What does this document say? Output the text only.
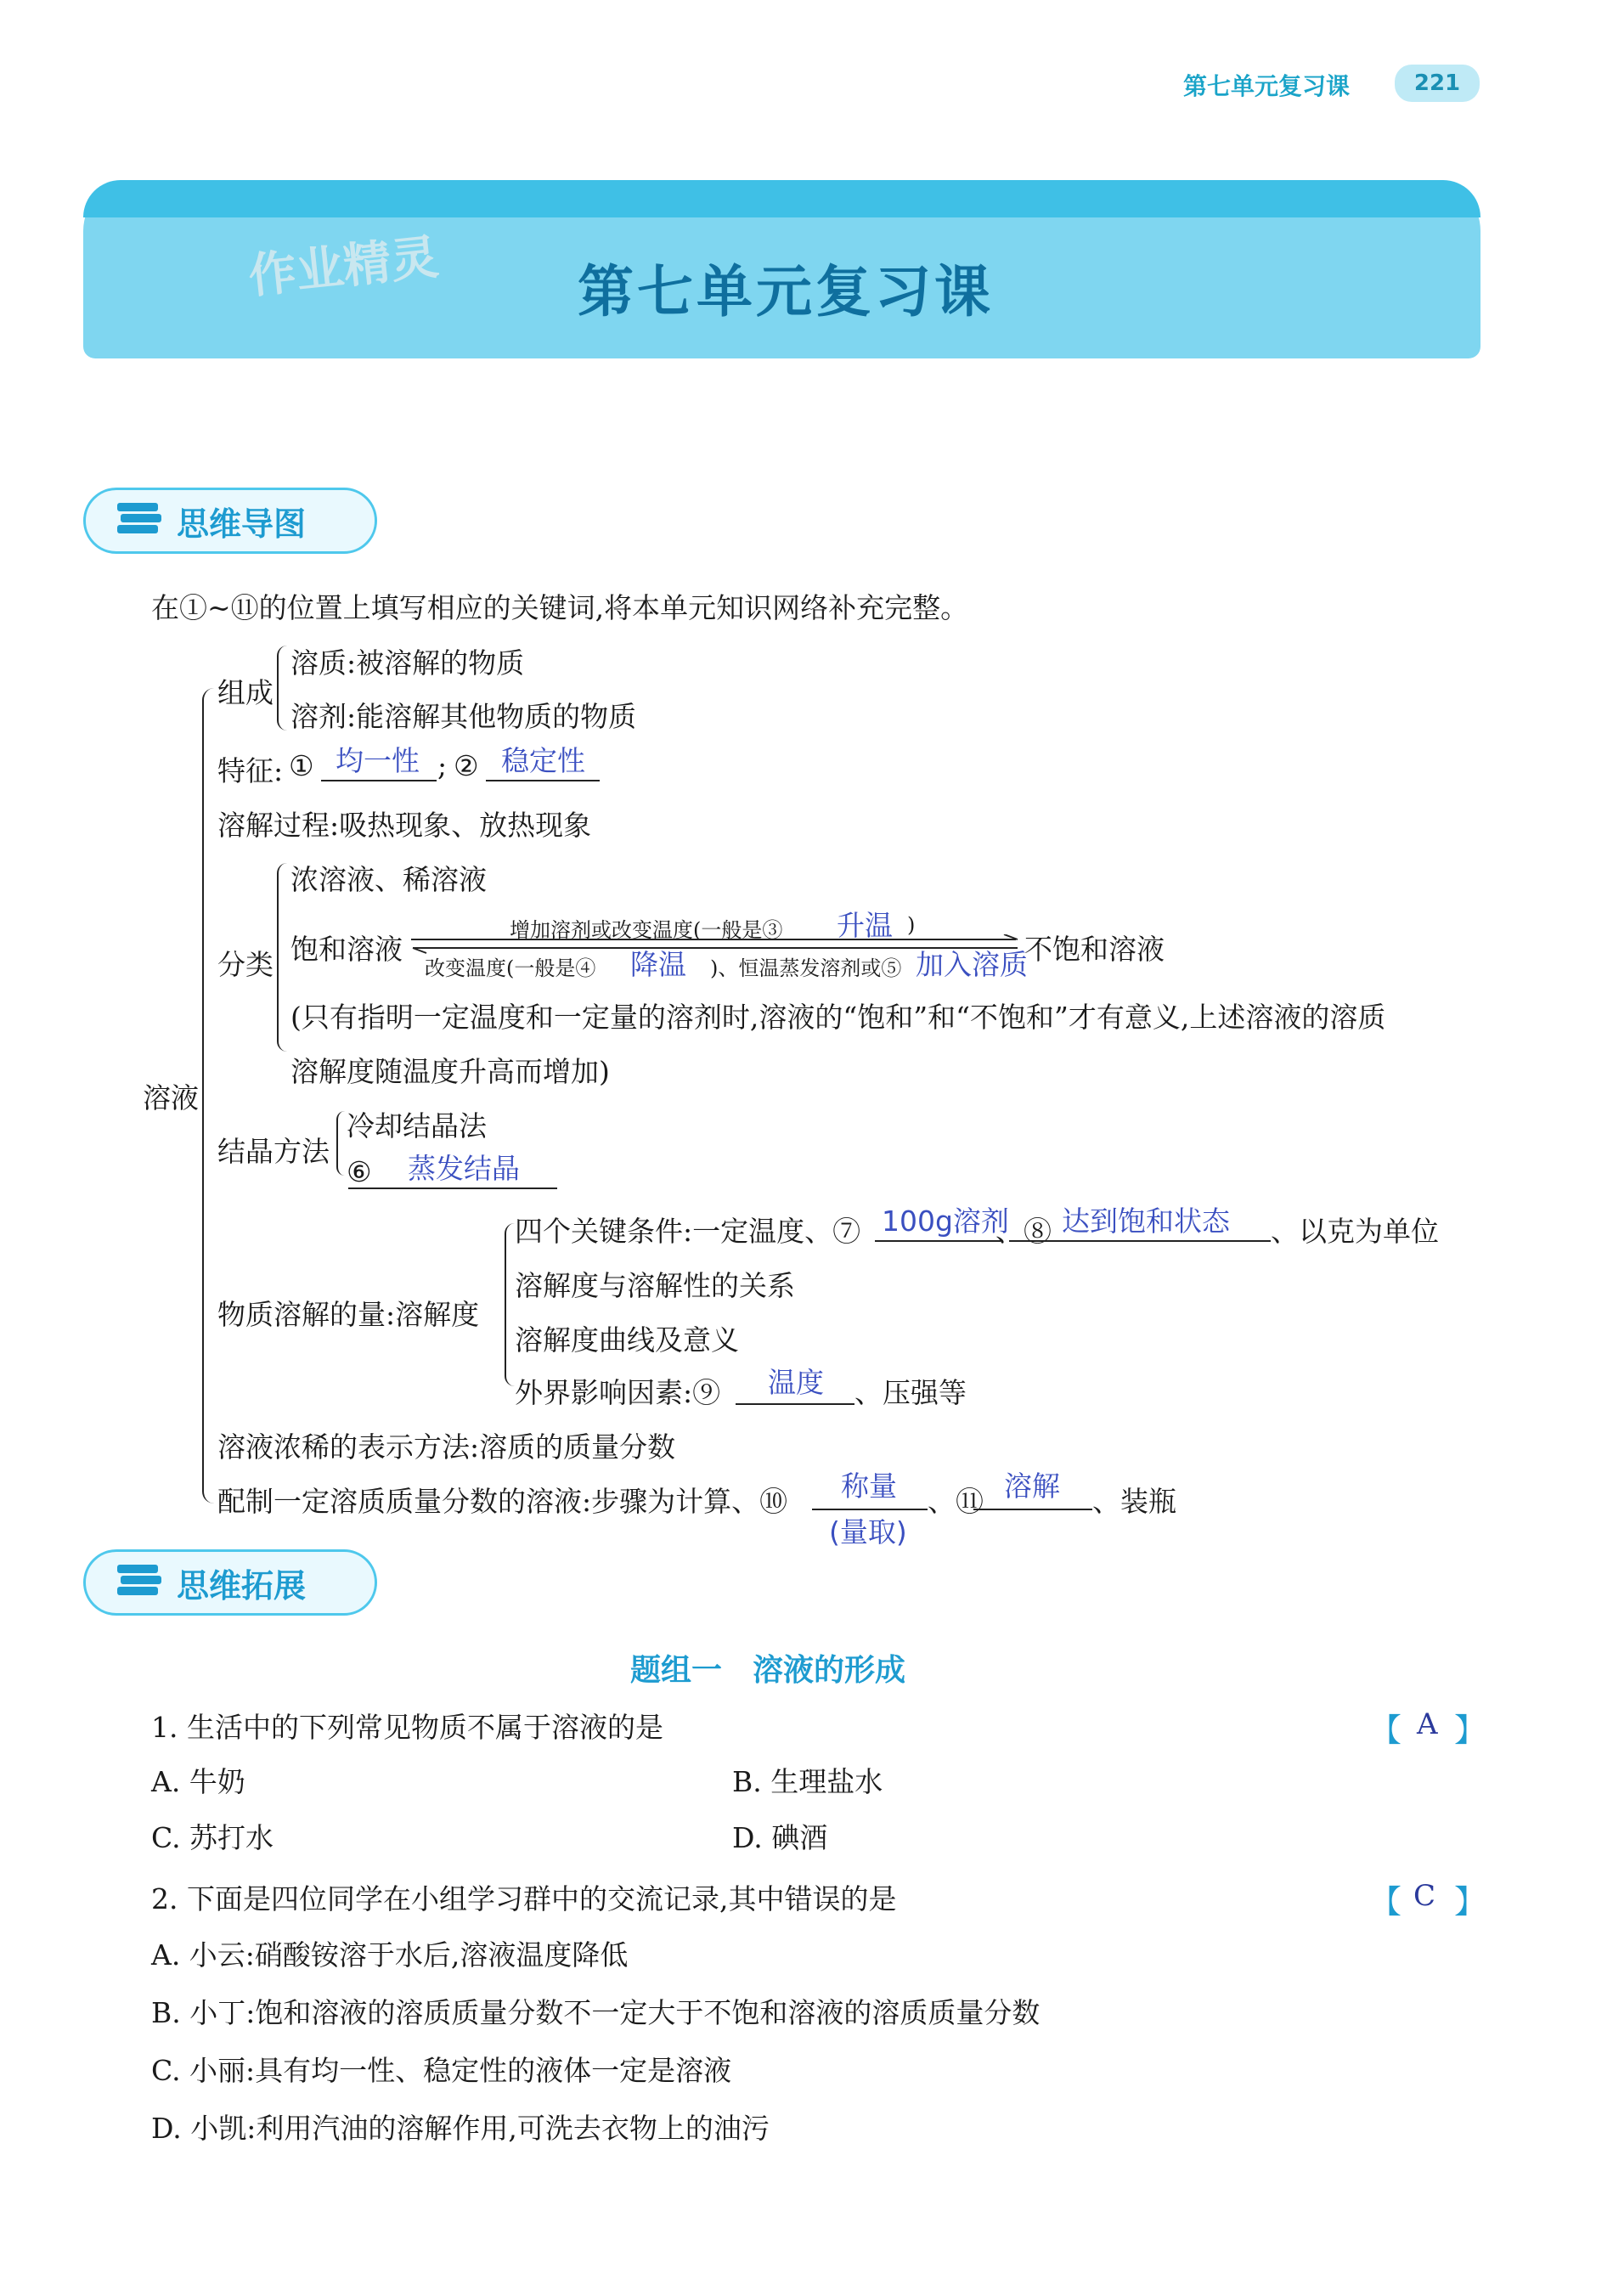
第七单元复习课	221
作业精灵 第七单元复习课
思维导图
在①~⑪的位置上填写相应的关键词,将本单元知识网络补充完整。
溶液
组成
溶质:被溶解的物质
溶剂:能溶解其他物质的物质
特征: ① 均一性 ; ② 稳定性
溶解过程:吸热现象、放热现象
分类
浓溶液、稀溶液
饱和溶液
增加溶剂或改变温度(一般是③ 升温 )
不饱和溶液
改变温度(一般是④ 降温 )、恒温蒸发溶剂或⑤ 加入溶质
(只有指明一定温度和一定量的溶剂时,溶液的“饱和”和“不饱和”才有意义,上述溶液的溶质
溶解度随温度升高而增加)
结晶方法
冷却结晶法
⑥ 蒸发结晶
物质溶解的量:溶解度
四个关键条件:一定温度、⑦ 100g溶剂
、⑧ 达到饱和状态 、以克为单位
溶解度与溶解性的关系
溶解度曲线及意义
外界影响因素:⑨ 温度 、压强等
溶液浓稀的表示方法:溶质的质量分数
配制一定溶质质量分数的溶液:步骤为计算、⑩ 称量
(量取)
、⑪ 溶解 、装瓶
思维拓展
题组一　溶液的形成
1. 生活中的下列常见物质不属于溶液的是	【 A 】
A. 牛奶	B. 生理盐水
C. 苏打水	D. 碘酒
2. 下面是四位同学在小组学习群中的交流记录,其中错误的是	【 C 】
A. 小云:硝酸铵溶于水后,溶液温度降低
B. 小丁:饱和溶液的溶质质量分数不一定大于不饱和溶液的溶质质量分数
C. 小丽:具有均一性、稳定性的液体一定是溶液
D. 小凯:利用汽油的溶解作用,可洗去衣物上的油污
